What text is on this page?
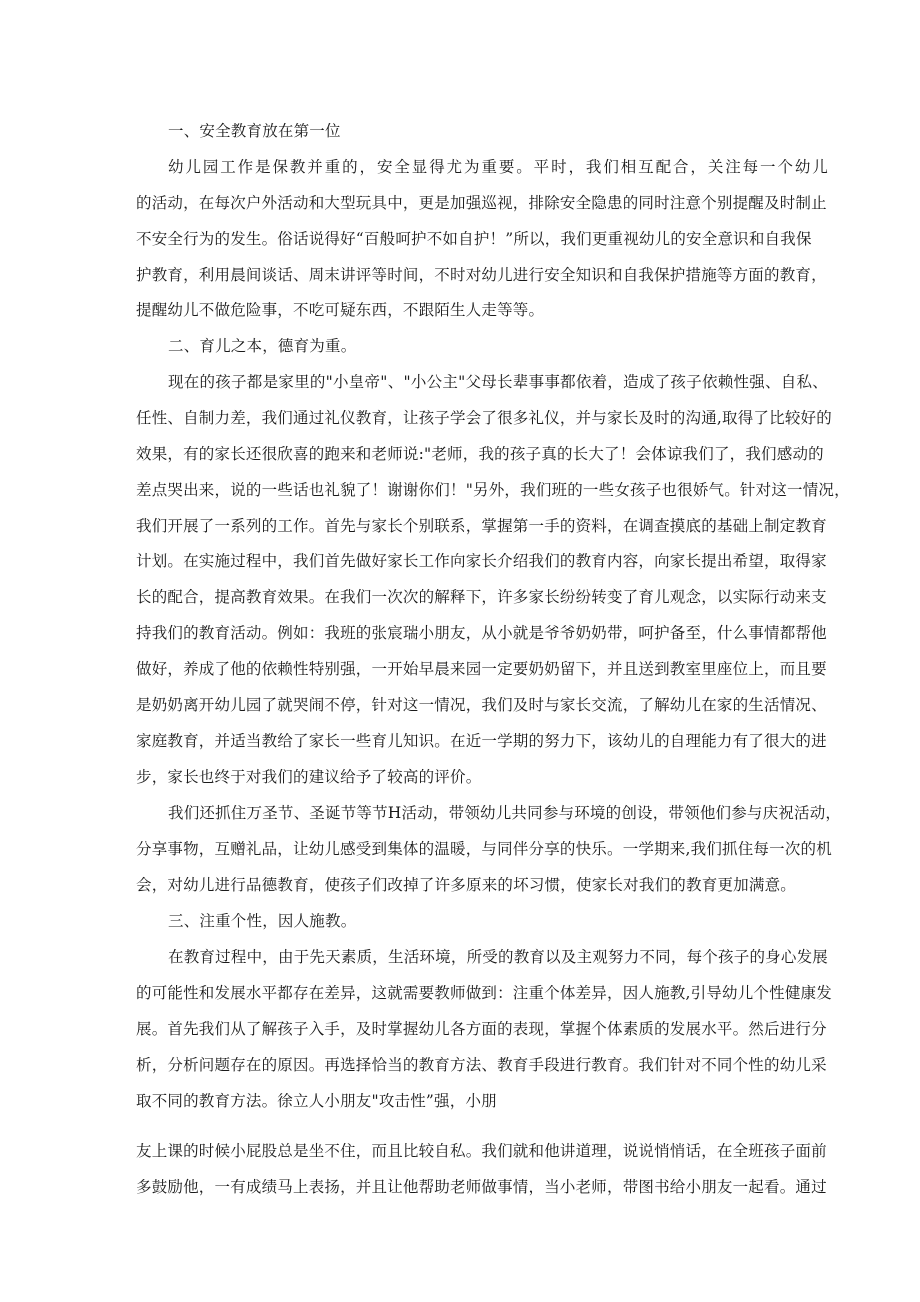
一、安全教育放在第一位

幼儿园工作是保教并重的，安全显得尤为重要。平时，我们相互配合，关注每一个幼儿

的活动，在每次户外活动和大型玩具中，更是加强巡视，排除安全隐患的同时注意个别提醒及时制止

不安全行为的发生。俗话说得好“百般呵护不如自护！”所以，我们更重视幼儿的安全意识和自我保

护教育，利用晨间谈话、周末讲评等时间，不时对幼儿进行安全知识和自我保护措施等方面的教育，

提醒幼儿不做危险事，不吃可疑东西，不跟陌生人走等等。

二、育儿之本，德育为重。

现在的孩子都是家里的"小皇帝"、"小公主"父母长辈事事都依着，造成了孩子依赖性强、自私、

任性、自制力差，我们通过礼仪教育，让孩子学会了很多礼仪，并与家长及时的沟通,取得了比较好的

效果，有的家长还很欣喜的跑来和老师说:"老师，我的孩子真的长大了！会体谅我们了，我们感动的

差点哭出来，说的一些话也礼貌了！谢谢你们！"另外，我们班的一些女孩子也很娇气。针对这一情况，

我们开展了一系列的工作。首先与家长个别联系，掌握第一手的资料，在调查摸底的基础上制定教育

计划。在实施过程中，我们首先做好家长工作向家长介绍我们的教育内容，向家长提出希望，取得家

长的配合，提高教育效果。在我们一次次的解释下，许多家长纷纷转变了育儿观念，以实际行动来支

持我们的教育活动。例如：我班的张宸瑞小朋友，从小就是爷爷奶奶带，呵护备至，什么事情都帮他

做好，养成了他的依赖性特别强，一开始早晨来园一定要奶奶留下，并且送到教室里座位上，而且要

是奶奶离开幼儿园了就哭闹不停，针对这一情况，我们及时与家长交流，了解幼儿在家的生活情况、

家庭教育，并适当教给了家长一些育儿知识。在近一学期的努力下，该幼儿的自理能力有了很大的进

步，家长也终于对我们的建议给予了较高的评价。

我们还抓住万圣节、圣诞节等节H活动，带领幼儿共同参与环境的创设，带领他们参与庆祝活动，

分享事物，互赠礼品，让幼儿感受到集体的温暖，与同伴分享的快乐。一学期来,我们抓住每一次的机

会，对幼儿进行品德教育，使孩子们改掉了许多原来的坏习惯，使家长对我们的教育更加满意。

三、注重个性，因人施教。

在教育过程中，由于先天素质，生活环境，所受的教育以及主观努力不同，每个孩子的身心发展

的可能性和发展水平都存在差异，这就需要教师做到：注重个体差异，因人施教,引导幼儿个性健康发

展。首先我们从了解孩子入手，及时掌握幼儿各方面的表现，掌握个体素质的发展水平。然后进行分

析，分析问题存在的原因。再选择恰当的教育方法、教育手段进行教育。我们针对不同个性的幼儿采

取不同的教育方法。徐立人小朋友"攻击性”强，小朋

友上课的时候小屁股总是坐不住，而且比较自私。我们就和他讲道理，说说悄悄话，在全班孩子面前

多鼓励他，一有成绩马上表扬，并且让他帮助老师做事情，当小老师，带图书给小朋友一起看。通过
